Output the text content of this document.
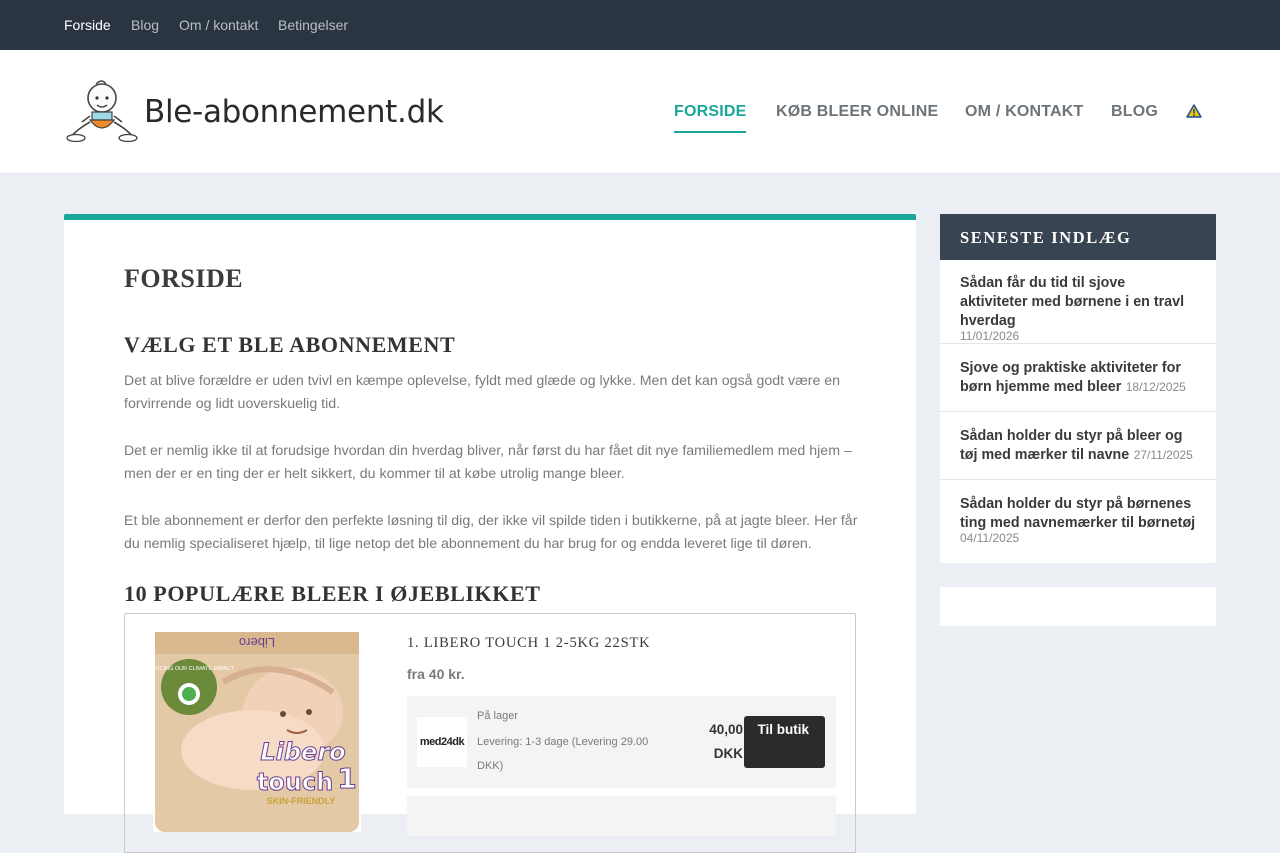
Forside Blog Om / kontakt Betingelser
Ble-abonnement.dk	FORSIDE KØB BLEER ONLINE OM / KONTAKT BLOG
FORSIDE
VÆLG ET BLE ABONNEMENT

Det at blive forældre er uden tvivl en kæmpe oplevelse, fyldt med glæde og lykke. Men det kan også godt være en forvirrende og lidt uoverskuelig tid.

Det er nemlig ikke til at forudsige hvordan din hverdag bliver, når først du har fået dit nye familiemedlem med hjem – men der er en ting der er helt sikkert, du kommer til at købe utrolig mange bleer.

Et ble abonnement er derfor den perfekte løsning til dig, der ikke vil spilde tiden i butikkerne, på at jagte bleer. Her får du nemlig specialiseret hjælp, til lige netop det ble abonnement du har brug for og endda leveret lige til døren.

10 POPULÆRE BLEER I ØJEBLIKKET
Libero
REDUCING OUR CLIMATE IMPACT
Libero
touch 1
SKIN-FRIENDLY
1. LIBERO TOUCH 1 2-5KG 22STK
fra 40 kr.
med24dk
På lager
Levering: 1-3 dage (Levering 29.00 DKK)
40,00 DKK
Til butik
SENESTE INDLÆG
Sådan får du tid til sjove aktiviteter med børnene i en travl hverdag

11/01/2026
Sjove og praktiske aktiviteter for børn hjemme med bleer 18/12/2025
Sådan holder du styr på bleer og tøj med mærker til navne 27/11/2025
Sådan holder du styr på børnenes ting med navnemærker til børnetøj

04/11/2025
